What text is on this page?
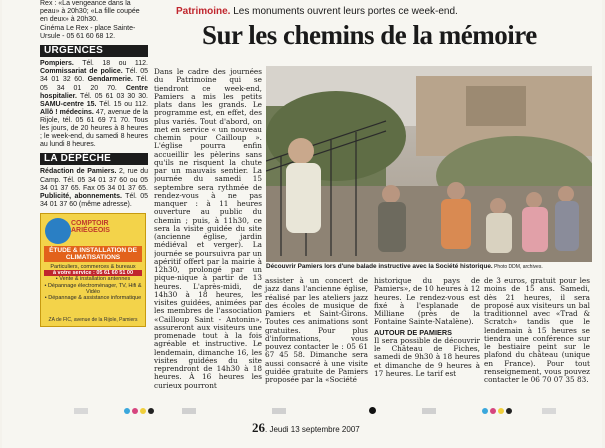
Rex : «La vengeance dans la peau» à 20h30; «La fille coupée en deux» à 20h30.

Cinéma Le Rex - place Sainte-Ursule - 05 61 60 68 12.

URGENCES

Pompiers. Tél. 18 ou 112. Commissariat de police. Tél. 05 34 01 32 60. Gendarmerie. Tél. 05 34 01 20 70. Centre hospitalier. Tél. 05 61 03 30 30. SAMU-centre 15. Tél. 15 ou 112. Allô ! médecins. 47, avenue de la Rijole, tél. 05 61 69 71 70. Tous les jours, de 20 heures à 8 heures ; le week-end, du samedi 8 heures au lundi 8 heures.

LA DÉPÊCHE

Rédaction de Pamiers. 2, rue du Camp. Tél. 05 34 01 37 60 ou 05 34 01 37 65. Fax 05 34 01 37 65. Publicité, abonnements. Tél. 05 34 01 37 60 (même adresse).

COMPTOIR ARIÉGEOIS
ÉTUDE & INSTALLATION DE CLIMATISATIONS
Particuliers, commerces & bureaux
à votre service : 05 61 60 51 00
• Vente & installation antennes
• Dépannage électroménager, TV, Hifi & Vidéo
• Dépannage & assistance informatique
ZA de FIC, avenue de la Rijole, Pamiers
Patrimoine. Les monuments ouvrent leurs portes ce week-end.
Sur les chemins de la mémoire

Dans le cadre des journées du Patrimoine qui se tiendront ce week-end, Pamiers a mis les petits plats dans les grands. Le programme est, en effet, des plus variés. Tout d'abord, on met en service « un nouveau chemin pour Cailloup ». L'église pourra enfin accueillir les pèlerins sans qu'ils ne risquent la chute par un mauvais sentier. La journée du samedi 15 septembre sera rythmée de rendez-vous à ne pas manquer : à 11 heures ouverture au public du chemin ; puis, à 11h30, ce sera la visite guidée du site (ancienne église, jardin médiéval et verger). La journée se poursuivra par un apéritif offert par la mairie à 12h30, prolongé par un pique-nique à partir de 13 heures. L'après-midi, de 14h30 à 18 heures, les visites guidées, animées par les membres de l'association «Cailloup Saint - Antonin», assureront aux visiteurs une promenade tout à la fois agréable et instructive. Le lendemain, dimanche 16, les visites guidées du site reprendront de 14h30 à 18 heures. À 16 heures les curieux pourront

Découvrir Pamiers lors d'une balade instructive avec la Société historique. Photo DDM, archives.

assister à un concert de jazz dans l'ancienne église, réalisé par les ateliers jazz des écoles de musique de Pamiers et Saint-Girons. Toutes ces animations sont gratuites. Pour plus d'informations, vous pouvez contacter le : 05 61 67 45 58. Dimanche sera aussi consacré à une visite guidée gratuite de Pamiers proposée par la «Société

historique du pays de Pamiers», de 10 heures à 12 heures. Le rendez-vous est fixé à l'esplanade de Milliane (près de la Fontaine Sainte-Natalène).

AUTOUR DE PAMIERS

Il sera possible de découvrir le Château de Fiches, samedi de 9h30 à 18 heures et dimanche de 9 heures à 17 heures. Le tarif est

de 3 euros, gratuit pour les moins de 15 ans. Samedi, dès 21 heures, il sera proposé aux visiteurs un bal traditionnel avec «Trad & Scratch» tandis que le lendemain à 15 heures se tiendra une conférence sur le bestiaire peint sur le plafond du château (unique en France). Pour tout renseignement, vous pouvez contacter le 06 70 07 35 83.

26. Jeudi 13 septembre 2007
